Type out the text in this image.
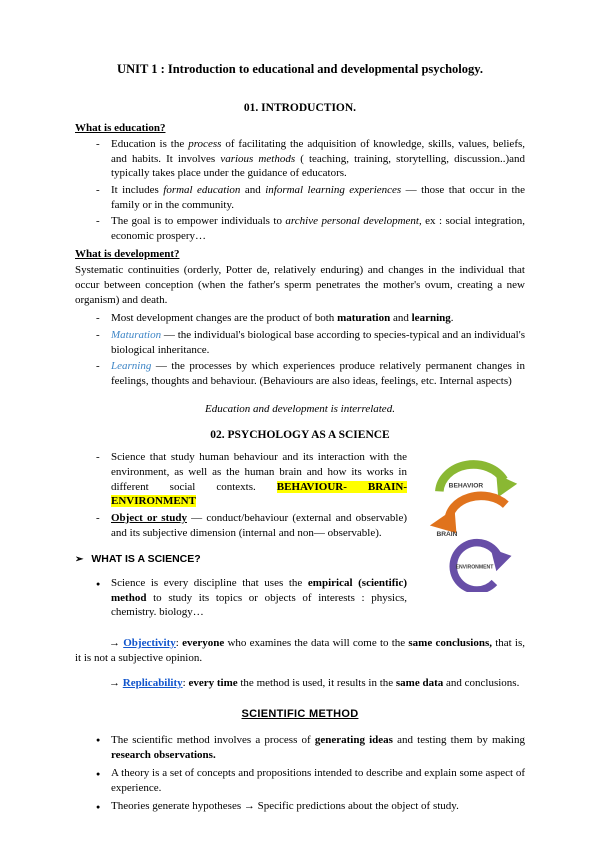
UNIT 1 : Introduction to educational and developmental psychology.
01. INTRODUCTION.
What is education?
-	Education is the process of facilitating the adquisition of knowledge, skills, values, beliefs, and habits. It involves various methods ( teaching, training, storytelling, discussion..)and typically takes place under the guidance of educators.
-	It includes formal education and informal learning experiences — those that occur in the family or in the community.
-	The goal is to empower individuals to archive personal development, ex : social integration, economic prospery…
What is development?

Systematic continuities (orderly, Potter de, relatively enduring) and changes in the individual that occur between conception (when the father's sperm penetrates the mother's ovum, creating a new organism) and death.

-	Most development changes are the product of both maturation and learning.
-	Maturation — the individual's biological base according to species-typical and an individual's biological inheritance.
-	Learning — the processes by which experiences produce relatively permanent changes in feelings, thoughts and behaviour. (Behaviours are also ideas, feelings, etc. Internal aspects)
Education and development is interrelated.
02. PSYCHOLOGY AS A SCIENCE
BEHAVIOR
BRAIN
ENVIRONMENT
-	Science that study human behaviour and its interaction with the environment, as well as the human brain and how its works in different social contexts. BEHAVIOUR- BRAIN- ENVIRONMENT
-	Object or study — conduct/behaviour (external and observable) and its subjective dimension (internal and non— observable).
➢ WHAT IS A SCIENCE?
● Science is every discipline that uses the empirical (scientific) method to study its topics or objects of interests : physics, chemistry. biology…

→ Objectivity: everyone who examines the data will come to the same conclusions, that is, it is not a subjective opinion.

→ Replicability: every time the method is used, it results in the same data and conclusions.

SCIENTIFIC METHOD
● The scientific method involves a process of generating ideas and testing them by making research observations.
● A theory is a set of concepts and propositions intended to describe and explain some aspect of experience.
● Theories generate hypotheses → Specific predictions about the object of study.
